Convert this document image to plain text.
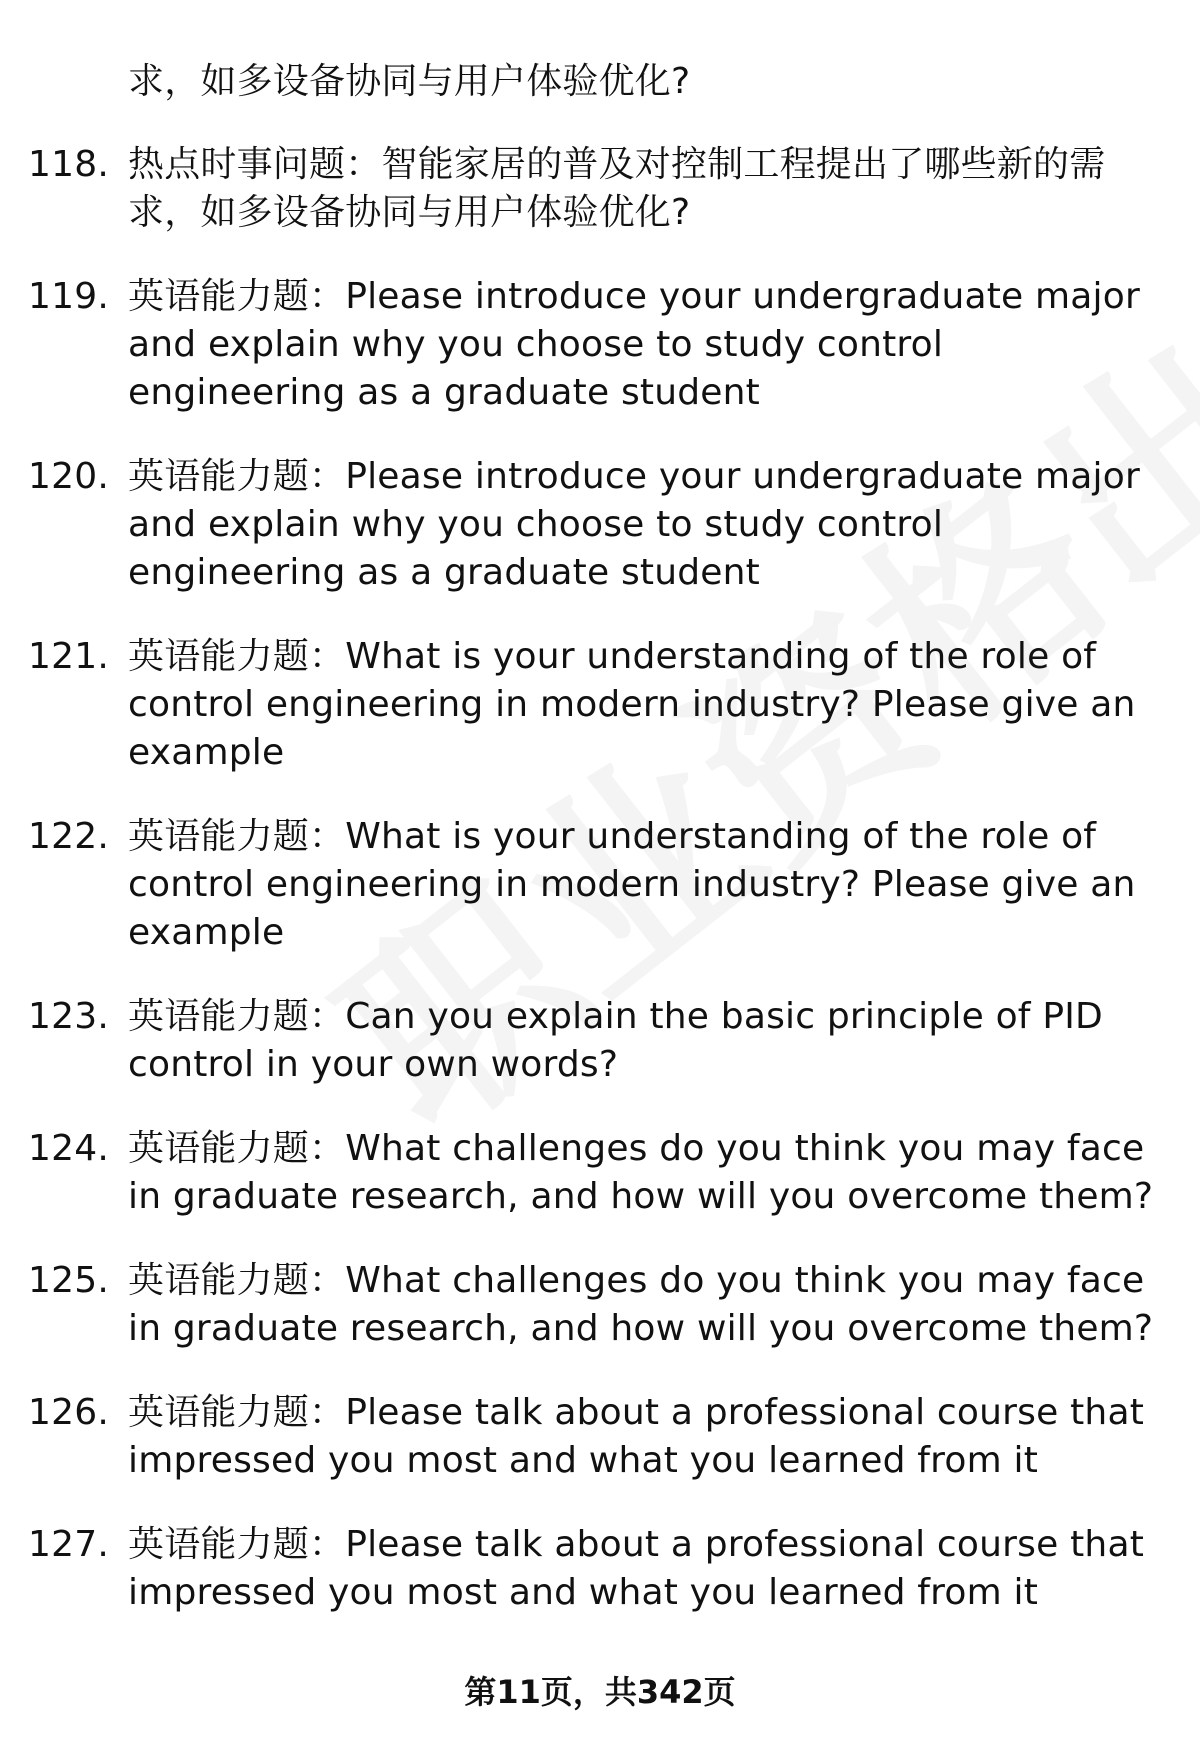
求，如多设备协同与用户体验优化?
118. 热点时事问题：智能家居的普及对控制工程提出了哪些新的需求，如多设备协同与用户体验优化?
119. 英语能力题：Please introduce your undergraduate major and explain why you choose to study control engineering as a graduate student
120. 英语能力题：Please introduce your undergraduate major and explain why you choose to study control engineering as a graduate student
121. 英语能力题：What is your understanding of the role of control engineering in modern industry? Please give an example
122. 英语能力题：What is your understanding of the role of control engineering in modern industry? Please give an example
123. 英语能力题：Can you explain the basic principle of PID control in your own words?
124. 英语能力题：What challenges do you think you may face in graduate research, and how will you overcome them?
125. 英语能力题：What challenges do you think you may face in graduate research, and how will you overcome them?
126. 英语能力题：Please talk about a professional course that impressed you most and what you learned from it
127. 英语能力题：Please talk about a professional course that impressed you most and what you learned from it
第11页，共342页
